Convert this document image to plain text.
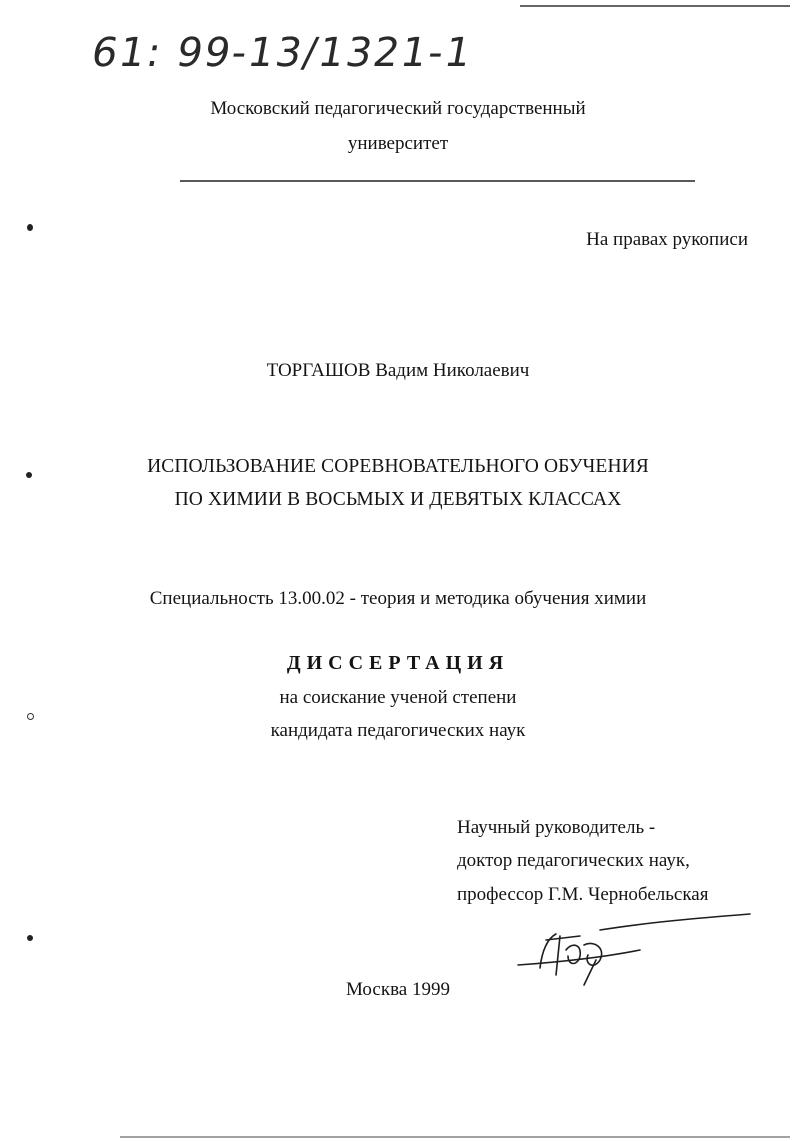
61: 99-13/1321-1
Московский педагогический государственный
университет
На правах рукописи
ТОРГАШОВ Вадим Николаевич
ИСПОЛЬЗОВАНИЕ СОРЕВНОВАТЕЛЬНОГО ОБУЧЕНИЯ
ПО ХИМИИ В ВОСЬМЫХ И ДЕВЯТЫХ КЛАССАХ
Специальность 13.00.02 - теория и методика обучения химии
ДИССЕРТАЦИЯ
на соискание ученой степени
кандидата педагогических наук
Научный руководитель -
доктор педагогических наук,
профессор Г.М. Чернобельская
Москва 1999
